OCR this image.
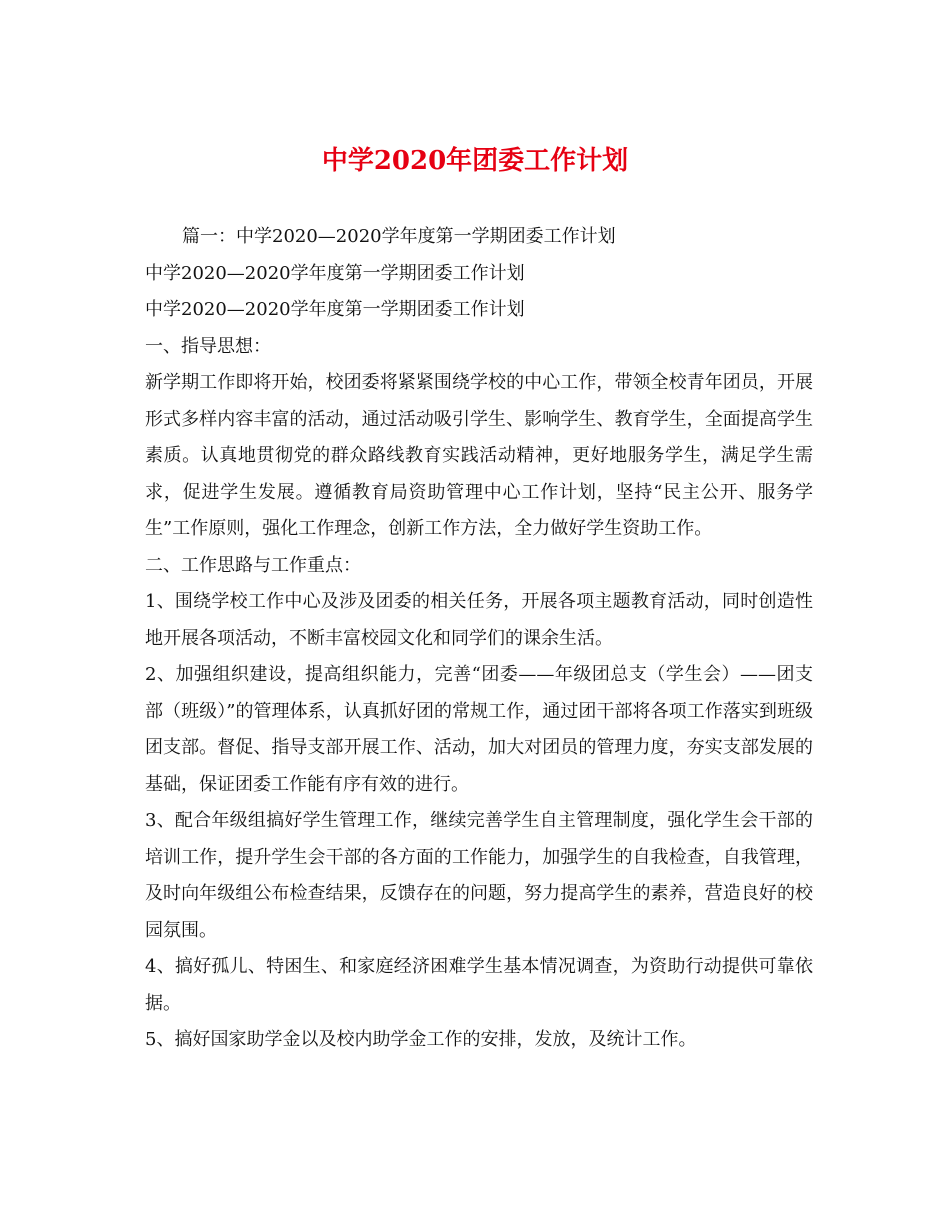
中学2020年团委工作计划

篇一：中学2020—2020学年度第一学期团委工作计划

中学2020—2020学年度第一学期团委工作计划

中学2020—2020学年度第一学期团委工作计划

一、指导思想：

新学期工作即将开始，校团委将紧紧围绕学校的中心工作，带领全校青年团员，开展形式多样内容丰富的活动，通过活动吸引学生、影响学生、教育学生，全面提高学生素质。认真地贯彻党的群众路线教育实践活动精神，更好地服务学生，满足学生需求，促进学生发展。遵循教育局资助管理中心工作计划，坚持“民主公开、服务学生”工作原则，强化工作理念，创新工作方法，全力做好学生资助工作。

二、工作思路与工作重点：

1、围绕学校工作中心及涉及团委的相关任务，开展各项主题教育活动，同时创造性地开展各项活动，不断丰富校园文化和同学们的课余生活。

2、加强组织建设，提高组织能力，完善“团委——年级团总支（学生会）——团支部（班级）”的管理体系，认真抓好团的常规工作，通过团干部将各项工作落实到班级团支部。督促、指导支部开展工作、活动，加大对团员的管理力度，夯实支部发展的基础，保证团委工作能有序有效的进行。

3、配合年级组搞好学生管理工作，继续完善学生自主管理制度，强化学生会干部的培训工作，提升学生会干部的各方面的工作能力，加强学生的自我检查，自我管理，及时向年级组公布检查结果，反馈存在的问题，努力提高学生的素养，营造良好的校园氛围。

4、搞好孤儿、特困生、和家庭经济困难学生基本情况调查，为资助行动提供可靠依据。

5、搞好国家助学金以及校内助学金工作的安排，发放，及统计工作。
